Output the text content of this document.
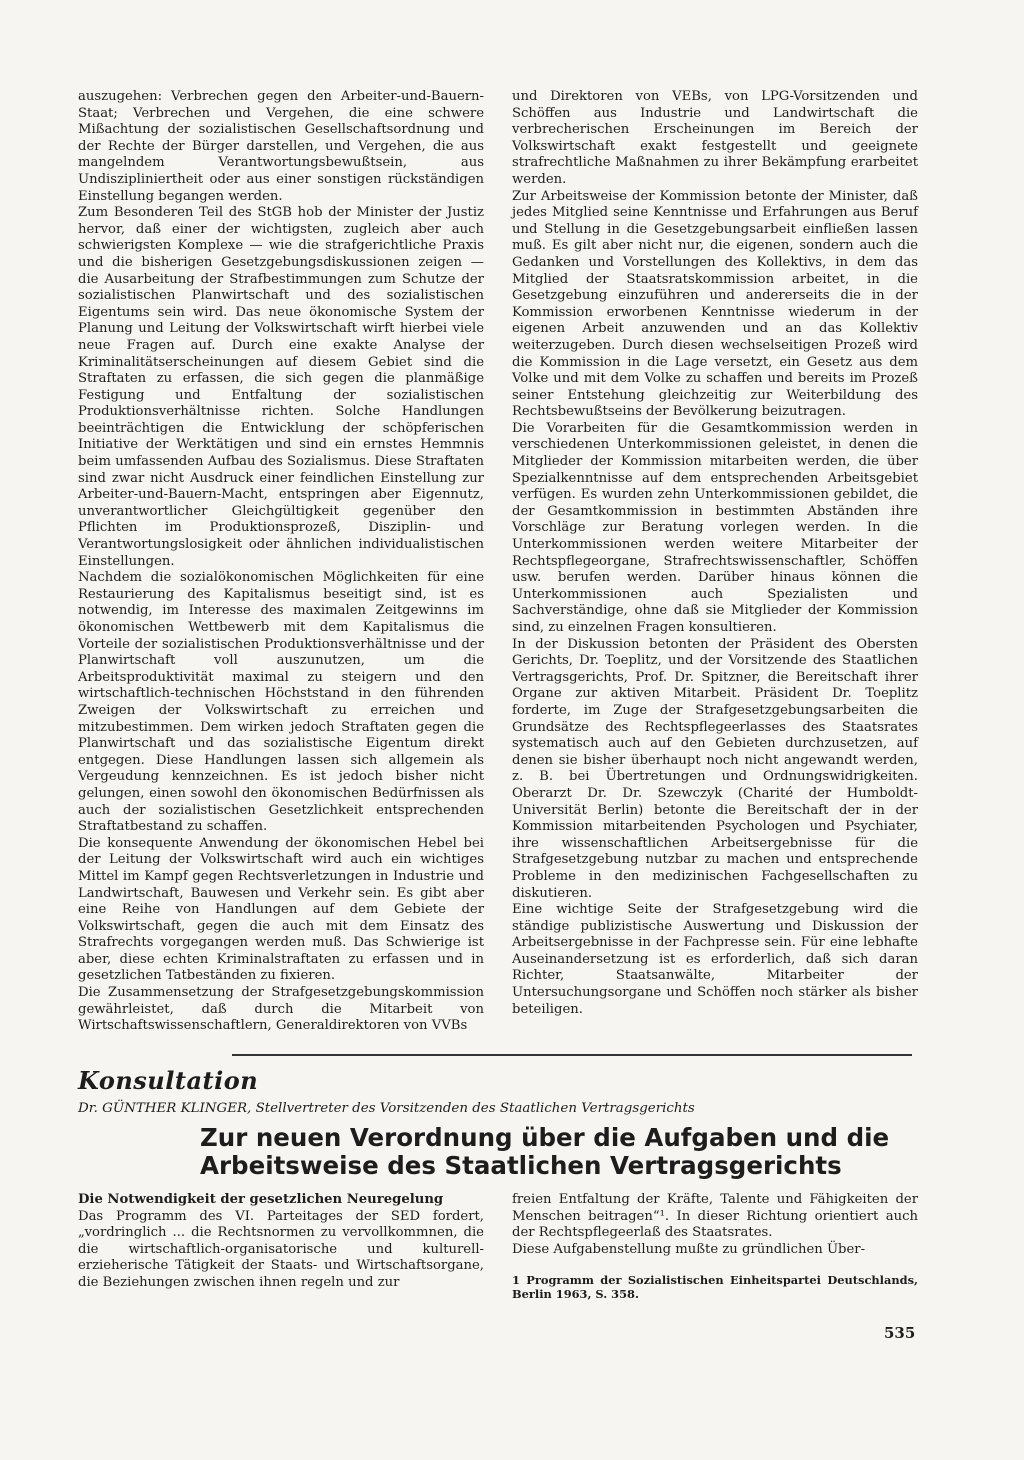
auszugehen: Verbrechen gegen den Arbeiter-und-Bauern-Staat; Verbrechen und Vergehen, die eine schwere Mißachtung der sozialistischen Gesellschaftsordnung und der Rechte der Bürger darstellen, und Vergehen, die aus mangelndem Verantwortungsbewußtsein, aus Undiszipliniertheit oder aus einer sonstigen rückständigen Einstellung begangen werden.

Zum Besonderen Teil des StGB hob der Minister der Justiz hervor, daß einer der wichtigsten, zugleich aber auch schwierigsten Komplexe — wie die strafgerichtliche Praxis und die bisherigen Gesetzgebungsdiskussionen zeigen — die Ausarbeitung der Strafbestimmungen zum Schutze der sozialistischen Planwirtschaft und des sozialistischen Eigentums sein wird. Das neue ökonomische System der Planung und Leitung der Volkswirtschaft wirft hierbei viele neue Fragen auf. Durch eine exakte Analyse der Kriminalitätserscheinungen auf diesem Gebiet sind die Straftaten zu erfassen, die sich gegen die planmäßige Festigung und Entfaltung der sozialistischen Produktionsverhältnisse richten. Solche Handlungen beeinträchtigen die Entwicklung der schöpferischen Initiative der Werktätigen und sind ein ernstes Hemmnis beim umfassenden Aufbau des Sozialismus. Diese Straftaten sind zwar nicht Ausdruck einer feindlichen Einstellung zur Arbeiter-und-Bauern-Macht, entspringen aber Eigennutz, unverantwortlicher Gleichgültigkeit gegenüber den Pflichten im Produktionsprozeß, Disziplin- und Verantwortungslosigkeit oder ähnlichen individualistischen Einstellungen.

Nachdem die sozialökonomischen Möglichkeiten für eine Restaurierung des Kapitalismus beseitigt sind, ist es notwendig, im Interesse des maximalen Zeitgewinns im ökonomischen Wettbewerb mit dem Kapitalismus die Vorteile der sozialistischen Produktionsverhältnisse und der Planwirtschaft voll auszunutzen, um die Arbeitsproduktivität maximal zu steigern und den wirtschaftlich-technischen Höchststand in den führenden Zweigen der Volkswirtschaft zu erreichen und mitzubestimmen. Dem wirken jedoch Straftaten gegen die Planwirtschaft und das sozialistische Eigentum direkt entgegen. Diese Handlungen lassen sich allgemein als Vergeudung kennzeichnen. Es ist jedoch bisher nicht gelungen, einen sowohl den ökonomischen Bedürfnissen als auch der sozialistischen Gesetzlichkeit entsprechenden Straftatbestand zu schaffen.

Die konsequente Anwendung der ökonomischen Hebel bei der Leitung der Volkswirtschaft wird auch ein wichtiges Mittel im Kampf gegen Rechtsverletzungen in Industrie und Landwirtschaft, Bauwesen und Verkehr sein. Es gibt aber eine Reihe von Handlungen auf dem Gebiete der Volkswirtschaft, gegen die auch mit dem Einsatz des Strafrechts vorgegangen werden muß. Das Schwierige ist aber, diese echten Kriminalstraftaten zu erfassen und in gesetzlichen Tatbeständen zu fixieren.

Die Zusammensetzung der Strafgesetzgebungskommission gewährleistet, daß durch die Mitarbeit von Wirtschaftswissenschaftlern, Generaldirektoren von VVBs

und Direktoren von VEBs, von LPG-Vorsitzenden und Schöffen aus Industrie und Landwirtschaft die verbrecherischen Erscheinungen im Bereich der Volkswirtschaft exakt festgestellt und geeignete strafrechtliche Maßnahmen zu ihrer Bekämpfung erarbeitet werden.

Zur Arbeitsweise der Kommission betonte der Minister, daß jedes Mitglied seine Kenntnisse und Erfahrungen aus Beruf und Stellung in die Gesetzgebungsarbeit einfließen lassen muß. Es gilt aber nicht nur, die eigenen, sondern auch die Gedanken und Vorstellungen des Kollektivs, in dem das Mitglied der Staatsratskommission arbeitet, in die Gesetzgebung einzuführen und andererseits die in der Kommission erworbenen Kenntnisse wiederum in der eigenen Arbeit anzuwenden und an das Kollektiv weiterzugeben. Durch diesen wechselseitigen Prozeß wird die Kommission in die Lage versetzt, ein Gesetz aus dem Volke und mit dem Volke zu schaffen und bereits im Prozeß seiner Entstehung gleichzeitig zur Weiterbildung des Rechtsbewußtseins der Bevölkerung beizutragen.

Die Vorarbeiten für die Gesamtkommission werden in verschiedenen Unterkommissionen geleistet, in denen die Mitglieder der Kommission mitarbeiten werden, die über Spezialkenntnisse auf dem entsprechenden Arbeitsgebiet verfügen. Es wurden zehn Unterkommissionen gebildet, die der Gesamtkommission in bestimmten Abständen ihre Vorschläge zur Beratung vorlegen werden. In die Unterkommissionen werden weitere Mitarbeiter der Rechtspflegeorgane, Strafrechtswissenschaftler, Schöffen usw. berufen werden. Darüber hinaus können die Unterkommissionen auch Spezialisten und Sachverständige, ohne daß sie Mitglieder der Kommission sind, zu einzelnen Fragen konsultieren.

In der Diskussion betonten der Präsident des Obersten Gerichts, Dr. Toeplitz, und der Vorsitzende des Staatlichen Vertragsgerichts, Prof. Dr. Spitzner, die Bereitschaft ihrer Organe zur aktiven Mitarbeit. Präsident Dr. Toeplitz forderte, im Zuge der Strafgesetzgebungsarbeiten die Grundsätze des Rechtspflegeerlasses des Staatsrates systematisch auch auf den Gebieten durchzusetzen, auf denen sie bisher überhaupt noch nicht angewandt werden, z. B. bei Übertretungen und Ordnungswidrigkeiten. Oberarzt Dr. Dr. Szewczyk (Charité der Humboldt-Universität Berlin) betonte die Bereitschaft der in der Kommission mitarbeitenden Psychologen und Psychiater, ihre wissenschaftlichen Arbeitsergebnisse für die Strafgesetzgebung nutzbar zu machen und entsprechende Probleme in den medizinischen Fachgesellschaften zu diskutieren.

Eine wichtige Seite der Strafgesetzgebung wird die ständige publizistische Auswertung und Diskussion der Arbeitsergebnisse in der Fachpresse sein. Für eine lebhafte Auseinandersetzung ist es erforderlich, daß sich daran Richter, Staatsanwälte, Mitarbeiter der Untersuchungsorgane und Schöffen noch stärker als bisher beteiligen.

Konsultation
Dr. GÜNTHER KLINGER, Stellvertreter des Vorsitzenden des Staatlichen Vertragsgerichts
Zur neuen Verordnung über die Aufgaben und die Arbeitsweise des Staatlichen Vertragsgerichts

Die Notwendigkeit der gesetzlichen Neuregelung

Das Programm des VI. Parteitages der SED fordert, „vordringlich ... die Rechtsnormen zu vervollkommnen, die die wirtschaftlich-organisatorische und kulturell-erzieherische Tätigkeit der Staats- und Wirtschaftsorgane, die Beziehungen zwischen ihnen regeln und zur

freien Entfaltung der Kräfte, Talente und Fähigkeiten der Menschen beitragen“¹. In dieser Richtung orientiert auch der Rechtspflegeerlaß des Staatsrates.

Diese Aufgabenstellung mußte zu gründlichen Über-

1 Programm der Sozialistischen Einheitspartei Deutschlands, Berlin 1963, S. 358.
535
